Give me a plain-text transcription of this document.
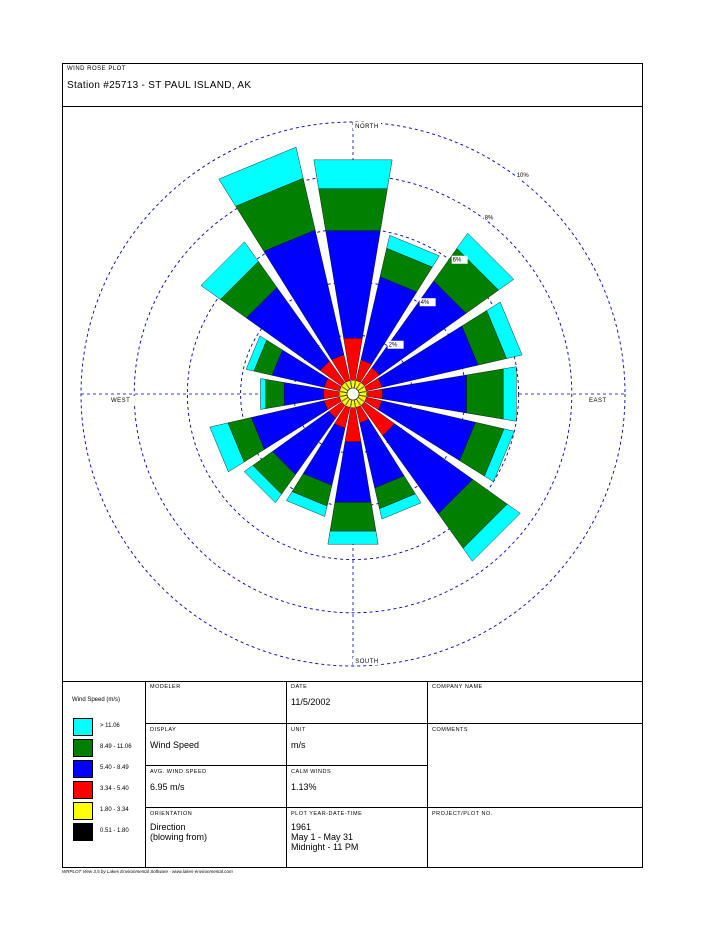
WIND ROSE PLOT
Station #25713 - ST PAUL ISLAND, AK
2%
4%
6%
8%
10%
NORTH
SOUTH
EAST
WEST
Wind Speed (m/s)
> 11.06
8.49 - 11.06
5.40 - 8.49
3.34 - 5.40
1.80 - 3.34
0.51 - 1.80
MODELER	DATE
11/5/2002
COMPANY NAME
DISPLAY
Wind Speed
UNIT
m/s
COMMENTS
AVG. WIND SPEED
6.95 m/s
CALM WINDS
1.13%
ORIENTATION
Direction
(blowing from)
PLOT YEAR-DATE-TIME
1961
May 1 - May 31
Midnight - 11 PM
PROJECT/PLOT NO.
WRPLOT View 3.5 by Lakes Environmental Software - www.lakes-environmental.com
